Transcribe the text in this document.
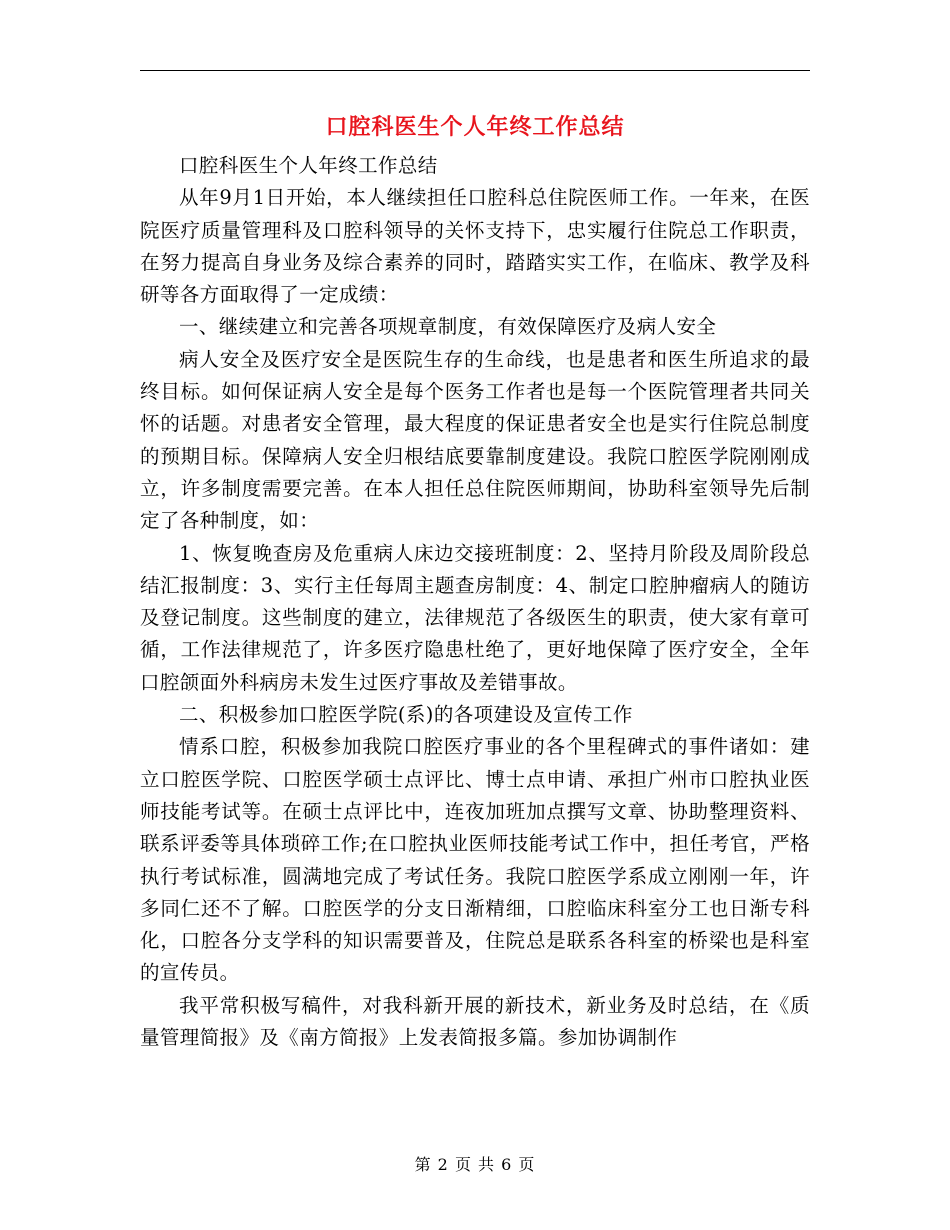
口腔科医生个人年终工作总结

口腔科医生个人年终工作总结

从年9月1日开始，本人继续担任口腔科总住院医师工作。一年来，在医院医疗质量管理科及口腔科领导的关怀支持下，忠实履行住院总工作职责，在努力提高自身业务及综合素养的同时，踏踏实实工作，在临床、教学及科研等各方面取得了一定成绩：

一、继续建立和完善各项规章制度，有效保障医疗及病人安全

病人安全及医疗安全是医院生存的生命线，也是患者和医生所追求的最终目标。如何保证病人安全是每个医务工作者也是每一个医院管理者共同关怀的话题。对患者安全管理，最大程度的保证患者安全也是实行住院总制度的预期目标。保障病人安全归根结底要靠制度建设。我院口腔医学院刚刚成立，许多制度需要完善。在本人担任总住院医师期间，协助科室领导先后制定了各种制度，如：

1、恢复晚查房及危重病人床边交接班制度：2、坚持月阶段及周阶段总结汇报制度：3、实行主任每周主题查房制度：4、制定口腔肿瘤病人的随访及登记制度。这些制度的建立，法律规范了各级医生的职责，使大家有章可循，工作法律规范了，许多医疗隐患杜绝了，更好地保障了医疗安全，全年口腔颌面外科病房未发生过医疗事故及差错事故。

二、积极参加口腔医学院(系)的各项建设及宣传工作

情系口腔，积极参加我院口腔医疗事业的各个里程碑式的事件诸如：建立口腔医学院、口腔医学硕士点评比、博士点申请、承担广州市口腔执业医师技能考试等。在硕士点评比中，连夜加班加点撰写文章、协助整理资料、联系评委等具体琐碎工作;在口腔执业医师技能考试工作中，担任考官，严格执行考试标准，圆满地完成了考试任务。我院口腔医学系成立刚刚一年，许多同仁还不了解。口腔医学的分支日渐精细，口腔临床科室分工也日渐专科化，口腔各分支学科的知识需要普及，住院总是联系各科室的桥梁也是科室的宣传员。

我平常积极写稿件，对我科新开展的新技术，新业务及时总结，在《质量管理简报》及《南方简报》上发表简报多篇。参加协调制作

第 2 页 共 6 页
